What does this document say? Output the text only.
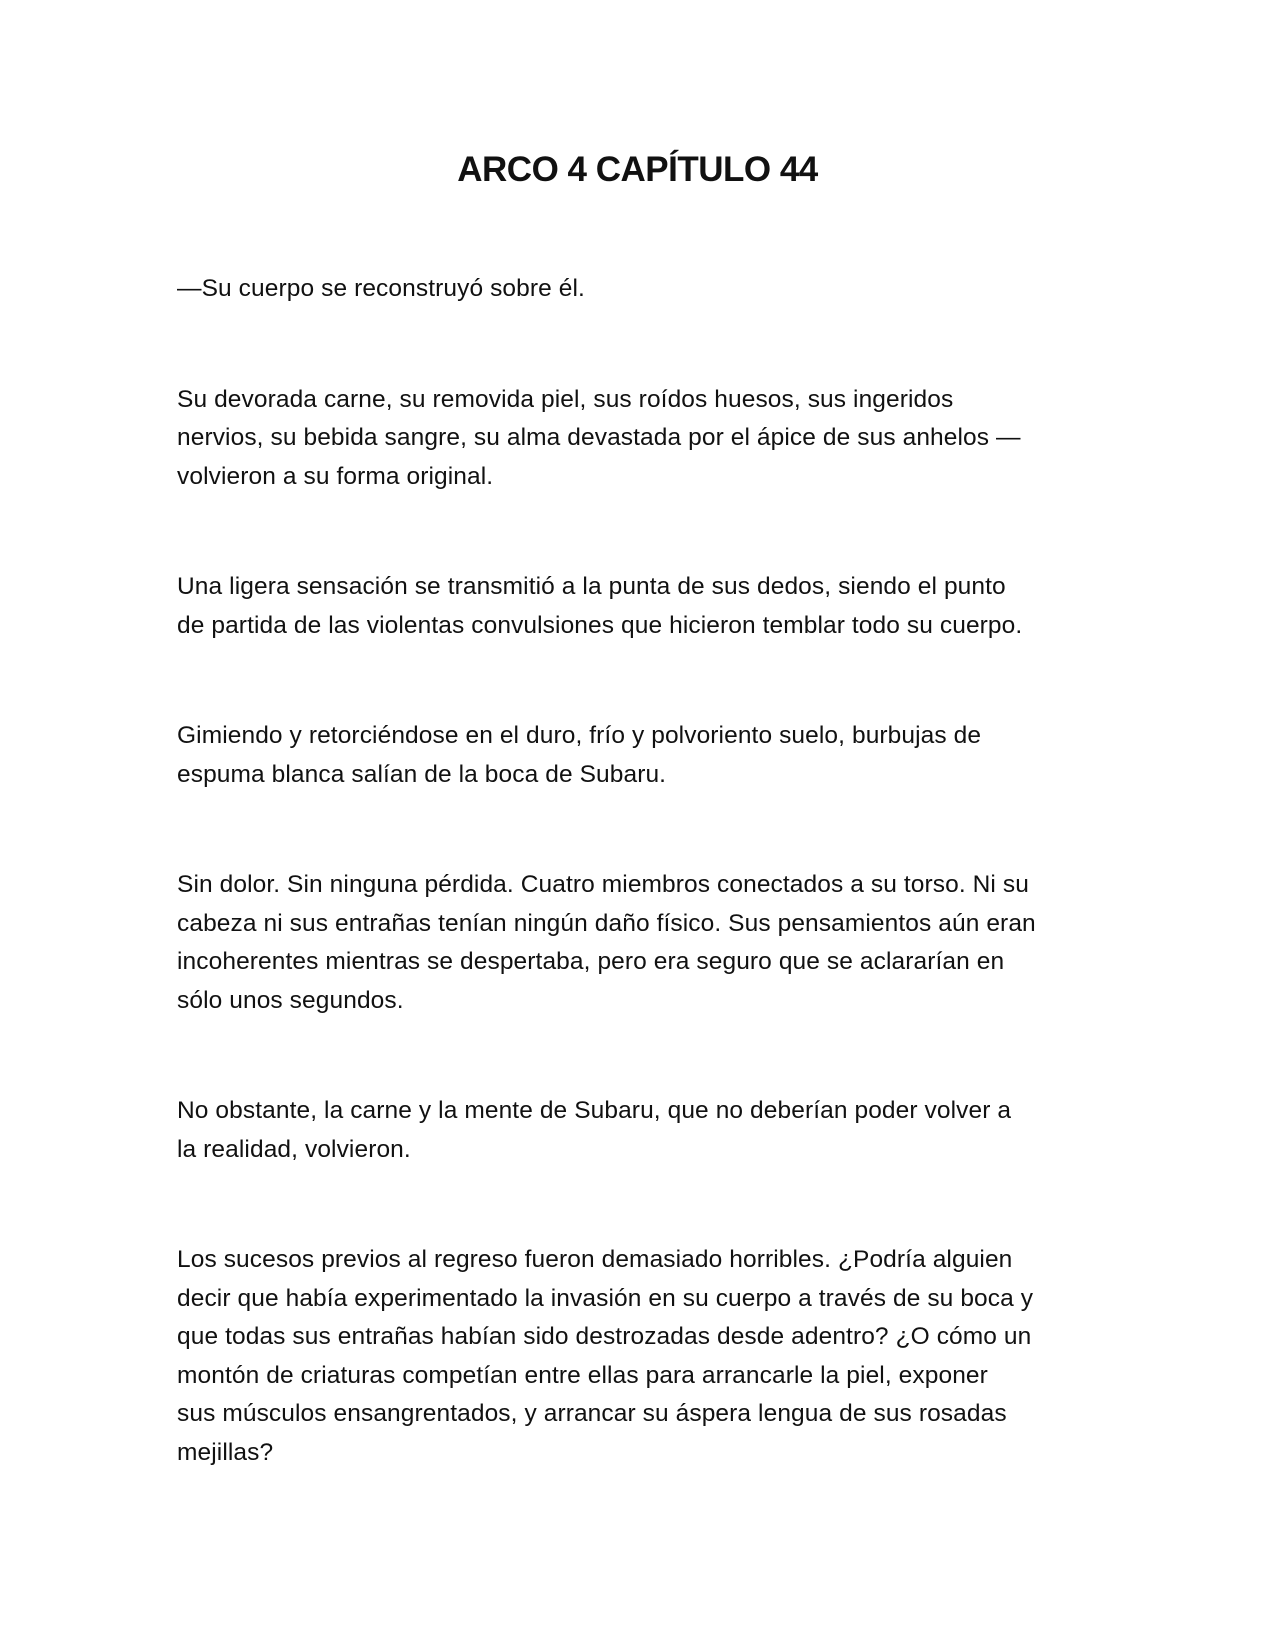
ARCO 4 CAPÍTULO 44

—Su cuerpo se reconstruyó sobre él.

Su devorada carne, su removida piel, sus roídos huesos, sus ingeridos
nervios, su bebida sangre, su alma devastada por el ápice de sus anhelos —
volvieron a su forma original.

Una ligera sensación se transmitió a la punta de sus dedos, siendo el punto
de partida de las violentas convulsiones que hicieron temblar todo su cuerpo.

Gimiendo y retorciéndose en el duro, frío y polvoriento suelo, burbujas de
espuma blanca salían de la boca de Subaru.

Sin dolor. Sin ninguna pérdida. Cuatro miembros conectados a su torso. Ni su
cabeza ni sus entrañas tenían ningún daño físico. Sus pensamientos aún eran
incoherentes mientras se despertaba, pero era seguro que se aclararían en
sólo unos segundos.

No obstante, la carne y la mente de Subaru, que no deberían poder volver a
la realidad, volvieron.

Los sucesos previos al regreso fueron demasiado horribles. ¿Podría alguien
decir que había experimentado la invasión en su cuerpo a través de su boca y
que todas sus entrañas habían sido destrozadas desde adentro? ¿O cómo un
montón de criaturas competían entre ellas para arrancarle la piel, exponer
sus músculos ensangrentados, y arrancar su áspera lengua de sus rosadas
mejillas?
